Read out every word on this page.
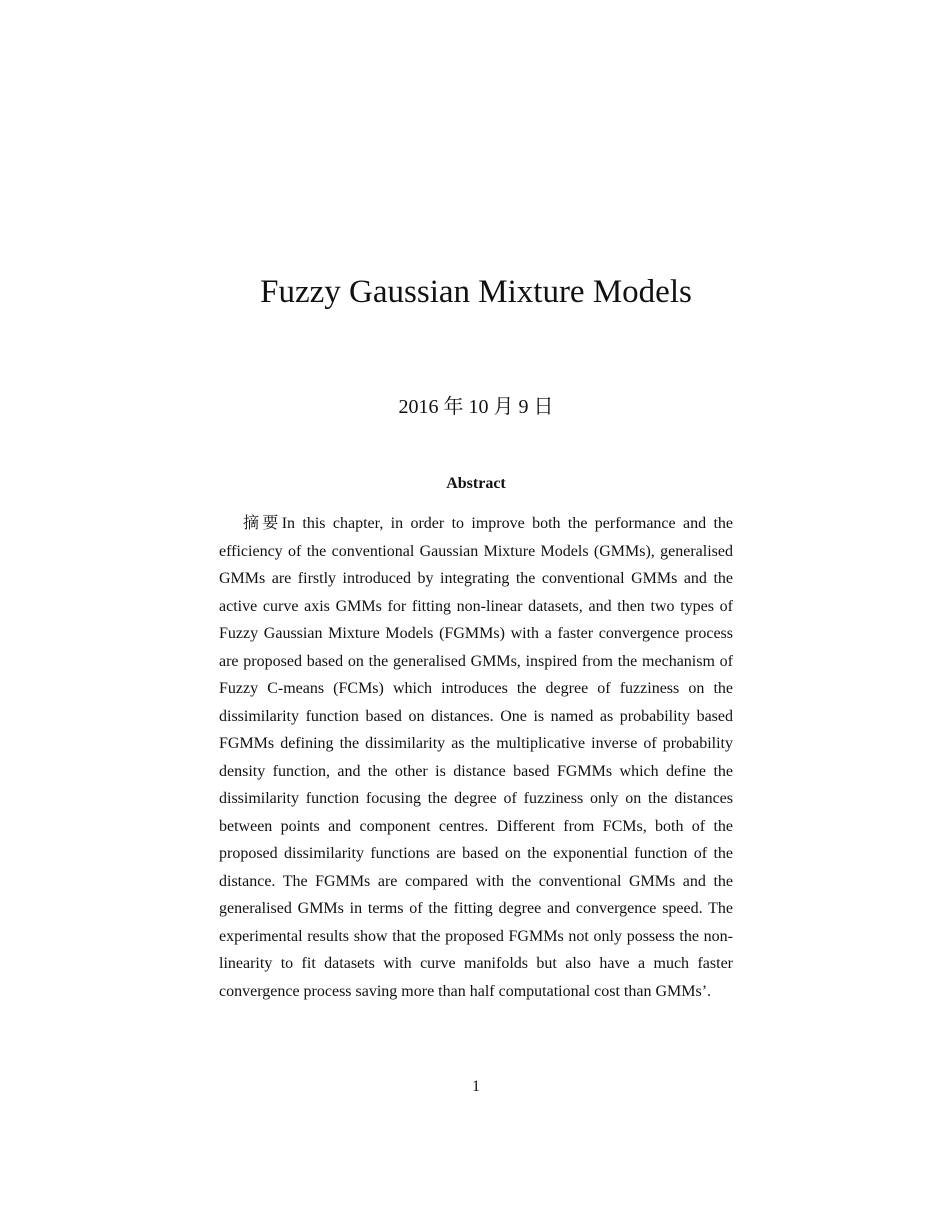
Fuzzy Gaussian Mixture Models
2016 年 10 月 9 日
Abstract

摘要In this chapter, in order to improve both the performance and the efficiency of the conventional Gaussian Mixture Models (GMMs), generalised GMMs are firstly introduced by integrating the conventional GMMs and the active curve axis GMMs for fitting non-linear datasets, and then two types of Fuzzy Gaussian Mixture Models (FGMMs) with a faster convergence process are proposed based on the generalised GMMs, inspired from the mechanism of Fuzzy C-means (FCMs) which introduces the degree of fuzziness on the dissimilarity function based on distances. One is named as probability based FGMMs defining the dissimilarity as the multiplicative inverse of probability density function, and the other is distance based FGMMs which define the dissimilarity function focusing the degree of fuzziness only on the distances between points and component centres. Different from FCMs, both of the proposed dissimilarity functions are based on the exponential function of the distance. The FGMMs are compared with the conventional GMMs and the generalised GMMs in terms of the fitting degree and convergence speed. The experimental results show that the proposed FGMMs not only possess the non-linearity to fit datasets with curve manifolds but also have a much faster convergence process saving more than half computational cost than GMMs’.

1
